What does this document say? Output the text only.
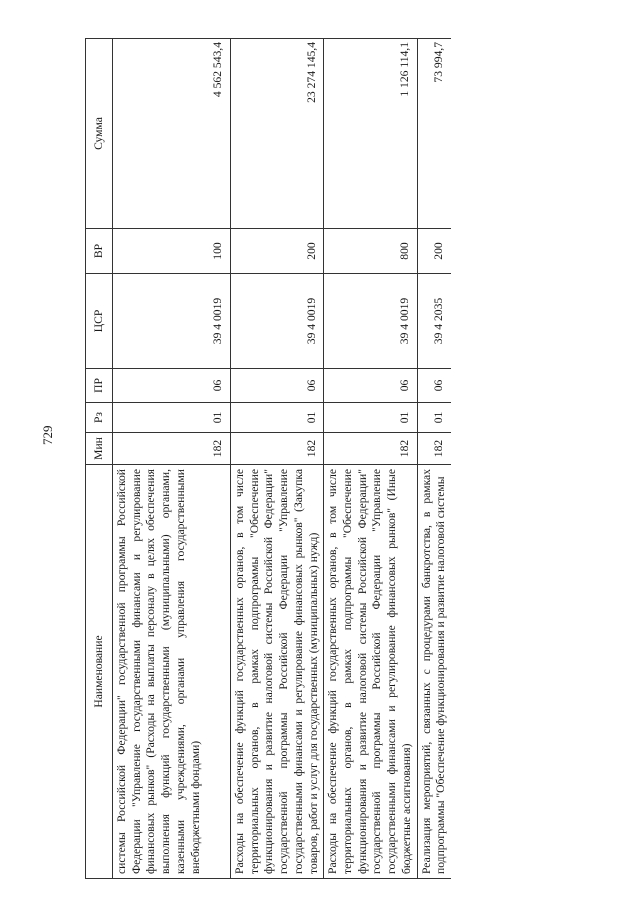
729
Наименование	Мин	Рз	ПР	ЦСР	ВР	Сумма
системы Российской Федерации" государственной программы Российской Федерации "Управление государственными финансами и регулирование финансовых рынков" (Расходы на выплаты персоналу в целях обеспечения выполнения функций государственными (муниципальными) органами, казенными учреждениями, органами управления государственными внебюджетными фондами)	182	01	06	39 4 0019	100	4 562 543,4
Расходы на обеспечение функций государственных органов, в том числе территориальных органов, в рамках подпрограммы "Обеспечение функционирования и развитие налоговой системы Российской Федерации" государственной программы Российской Федерации "Управление государственными финансами и регулирование финансовых рынков" (Закупка товаров, работ и услуг для государственных (муниципальных) нужд)	182	01	06	39 4 0019	200	23 274 145,4
Расходы на обеспечение функций государственных органов, в том числе территориальных органов, в рамках подпрограммы "Обеспечение функционирования и развитие налоговой системы Российской Федерации" государственной программы Российской Федерации "Управление государственными финансами и регулирование финансовых рынков" (Иные бюджетные ассигнования)	182	01	06	39 4 0019	800	1 126 114,1
Реализация мероприятий, связанных с процедурами банкротства, в рамках подпрограммы "Обеспечение функционирования и развитие налоговой системы	182	01	06	39 4 2035	200	73 994,7
